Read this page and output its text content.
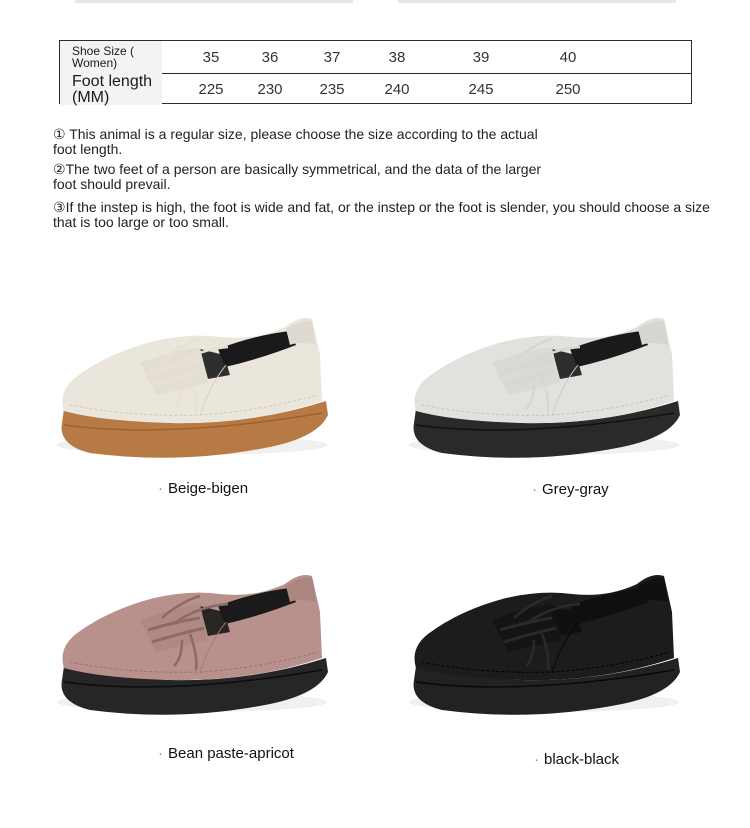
Shoe Size ( Women)	35	36	37	38	39	40
Foot length (MM)	225	230	235	240	245	250
① This animal is a regular size, please choose the size according to the actual foot length.
②The two feet of a person are basically symmetrical, and the data of the larger foot should prevail.
③If the instep is high, the foot is wide and fat, or the instep or the foot is slender, you should choose a size that is too large or too small.
· Beige-bigen	· Grey-gray
· Bean paste-apricot	· black-black
